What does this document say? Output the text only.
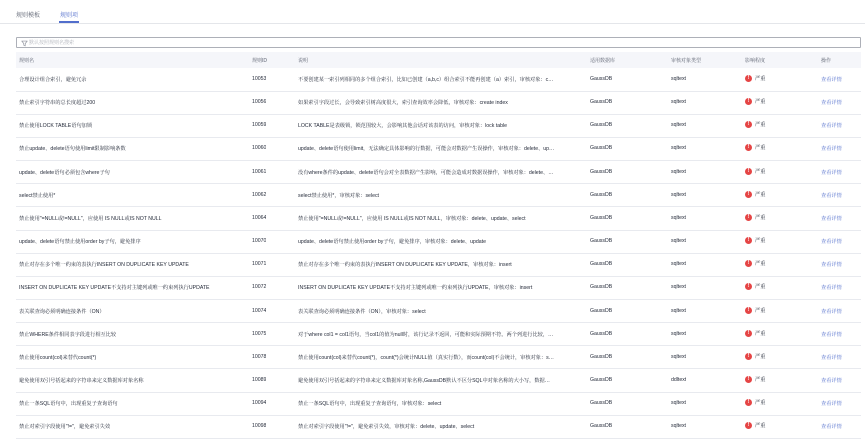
规则模板	规则项
默认按照规则名搜索
规则名	规则ID	说明	适用数据库	审核对象类型	影响程度	操作
合理设计组合索引，避免冗余	10053	不要创建某一索引列相同的多个组合索引，比如已创建（a,b,c）组合索引不能再创建（a）索引，审核对象：c…	GaussDB	sqltext	!	严重	查看详情
禁止索引字符串的总长度超过200	10056	如果索引字段过长，会导致索引树高度很大，索引查询效率会降低，审核对象：create index	GaussDB	sqltext	!	严重	查看详情
禁止使用LOCK TABLE语句加锁	10059	LOCK TABLE是表级锁，锁范围较大，会影响其他会话对该表的访问，审核对象：lock table	GaussDB	sqltext	!	严重	查看详情
禁止update、delete语句使用limit限制影响条数	10060	update、delete语句使用limit，无法确定具体影响的行数据，可能会对数据产生误操作，审核对象：delete、up…	GaussDB	sqltext	!	严重	查看详情
update、delete语句必须包含where子句	10061	没有where条件的update、delete语句会对全表数据产生影响，可能会造成对数据误操作，审核对象：delete、…	GaussDB	sqltext	!	严重	查看详情
select禁止使用*	10062	select禁止使用*，审核对象：select	GaussDB	sqltext	!	严重	查看详情
禁止使用"=NULL或!=NULL"，应使用 IS NULL或IS NOT NULL	10064	禁止使用"=NULL或!=NULL"，应使用 IS NULL或IS NOT NULL，审核对象：delete、update、select	GaussDB	sqltext	!	严重	查看详情
update、delete语句禁止使用order by子句，避免排序	10070	update、delete语句禁止使用order by子句，避免排序，审核对象：delete、update	GaussDB	sqltext	!	严重	查看详情
禁止对存在多个唯一约束的表执行INSERT ON DUPLICATE KEY UPDATE	10071	禁止对存在多个唯一约束的表执行INSERT ON DUPLICATE KEY UPDATE，审核对象：insert	GaussDB	sqltext	!	严重	查看详情
INSERT ON DUPLICATE KEY UPDATE不支持对主键列或唯一约束列执行UPDATE	10072	INSERT ON DUPLICATE KEY UPDATE不支持对主键列或唯一约束列执行UPDATE，审核对象：insert	GaussDB	sqltext	!	严重	查看详情
表关联查询必须明确连接条件（ON）	10074	表关联查询必须明确连接条件（ON），审核对象：select	GaussDB	sqltext	!	严重	查看详情
禁止WHERE条件相同表字段进行相互比较	10075	对于where col1 = col1语句，当col1的值为null时，该行记录不返回，可能和实际预期不符。两个列进行比较，…	GaussDB	sqltext	!	严重	查看详情
禁止使用count(col)来替代count(*)	10078	禁止使用count(col)来替代count(*)，count(*)会统计NULL值（真实行数），而count(col)不会统计，审核对象：s…	GaussDB	sqltext	!	严重	查看详情
避免使用双引号括起来的字符串来定义数据库对象名称	10089	避免使用双引号括起来的字符串来定义数据库对象名称,GaussDB默认不区分SQL中对象名称的大小写，数据…	GaussDB	ddltext	!	严重	查看详情
禁止一条SQL语句中，出现重复子查询语句	10094	禁止一条SQL语句中，出现重复子查询语句，审核对象：select	GaussDB	sqltext	!	严重	查看详情
禁止对索引字段使用"!="，避免索引失效	10098	禁止对索引字段使用"!="，避免索引失效，审核对象：delete、update、select	GaussDB	sqltext	!	严重	查看详情
